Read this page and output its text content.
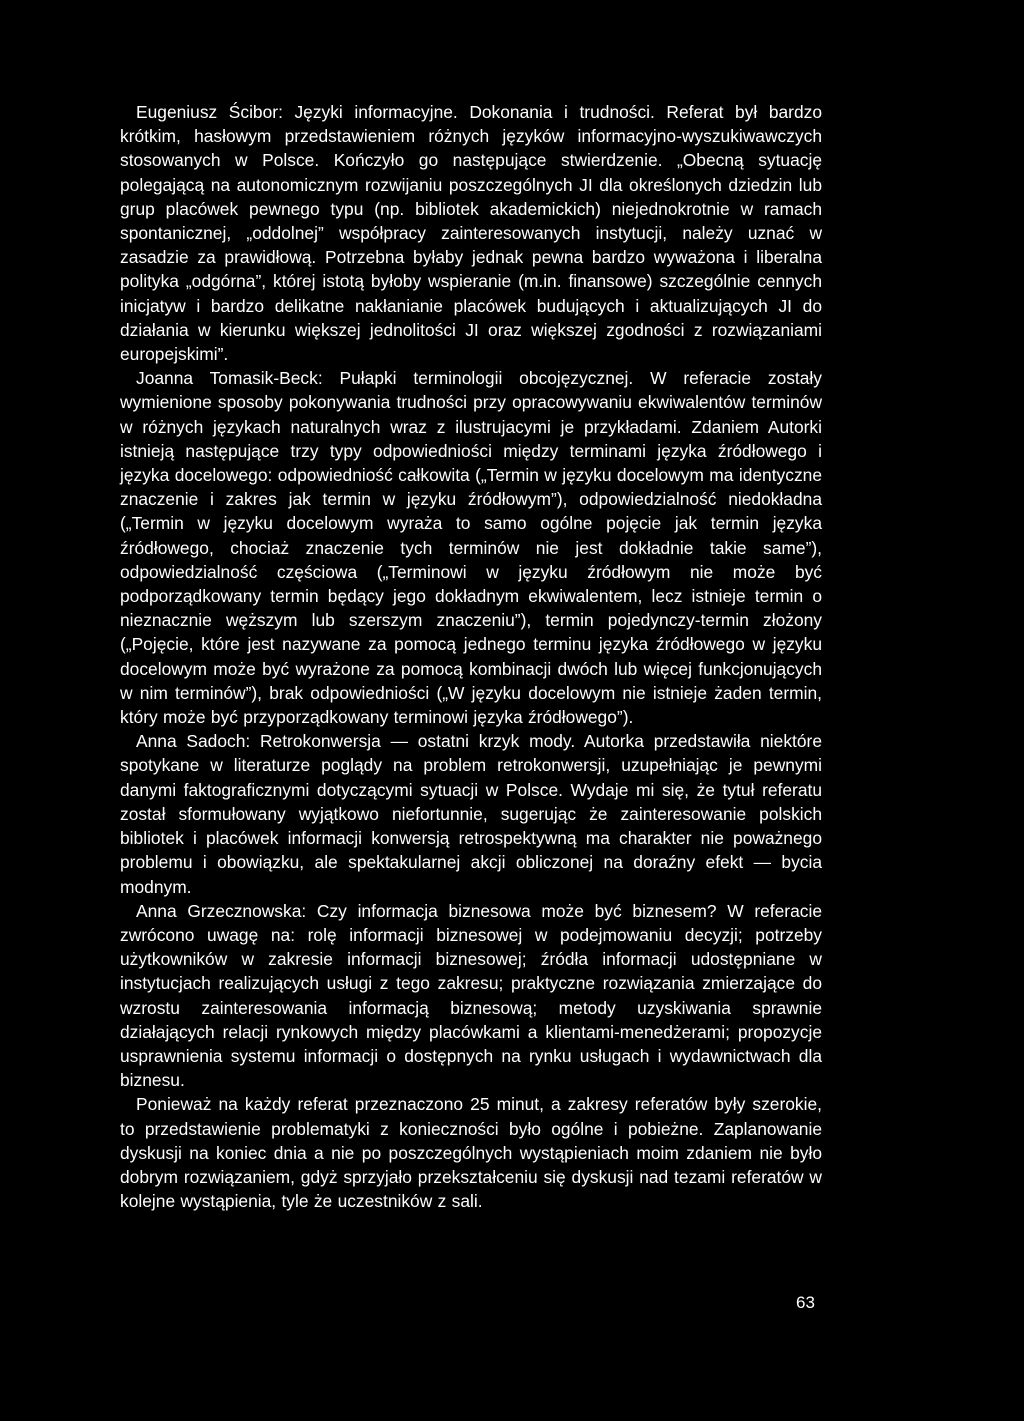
Eugeniusz Ścibor: Języki informacyjne. Dokonania i trudności. Referat był bardzo krótkim, hasłowym przedstawieniem różnych języków informacyjno-wyszukiwawczych stosowanych w Polsce. Kończyło go następujące stwierdzenie. „Obecną sytuację polegającą na autonomicznym rozwijaniu poszczególnych JI dla określonych dziedzin lub grup placówek pewnego typu (np. bibliotek akademickich) niejednokrotnie w ramach spontanicznej, „oddolnej” współpracy zainteresowanych instytucji, należy uznać w zasadzie za prawidłową. Potrzebna byłaby jednak pewna bardzo wyważona i liberalna polityka „odgórna”, której istotą byłoby wspieranie (m.in. finansowe) szczególnie cennych inicjatyw i bardzo delikatne nakłanianie placówek budujących i aktualizujących JI do działania w kierunku większej jednolitości JI oraz większej zgodności z rozwiązaniami europejskimi”.

Joanna Tomasik-Beck: Pułapki terminologii obcojęzycznej. W referacie zostały wymienione sposoby pokonywania trudności przy opracowywaniu ekwiwalentów terminów w różnych językach naturalnych wraz z ilustrujacymi je przykładami. Zdaniem Autorki istnieją następujące trzy typy odpowiedniości między terminami języka źródłowego i języka docelowego: odpowiedniość całkowita („Termin w języku docelowym ma identyczne znaczenie i zakres jak termin w języku źródłowym”), odpowiedzialność niedokładna („Termin w języku docelowym wyraża to samo ogólne pojęcie jak termin języka źródłowego, chociaż znaczenie tych terminów nie jest dokładnie takie same”), odpowiedzialność częściowa („Terminowi w języku źródłowym nie może być podporządkowany termin będący jego dokładnym ekwiwalentem, lecz istnieje termin o nieznacznie węższym lub szerszym znaczeniu”), termin pojedynczy-termin złożony („Pojęcie, które jest nazywane za pomocą jednego terminu języka źródłowego w języku docelowym może być wyrażone za pomocą kombinacji dwóch lub więcej funkcjonujących w nim terminów”), brak odpowiedniości („W języku docelowym nie istnieje żaden termin, który może być przyporządkowany terminowi języka źródłowego”).

Anna Sadoch: Retrokonwersja — ostatni krzyk mody. Autorka przedstawiła niektóre spotykane w literaturze poglądy na problem retrokonwersji, uzupełniając je pewnymi danymi faktograficznymi dotyczącymi sytuacji w Polsce. Wydaje mi się, że tytuł referatu został sformułowany wyjątkowo niefortunnie, sugerując że zainteresowanie polskich bibliotek i placówek informacji konwersją retrospektywną ma charakter nie poważnego problemu i obowiązku, ale spektakularnej akcji obliczonej na doraźny efekt — bycia modnym.

Anna Grzecznowska: Czy informacja biznesowa może być biznesem? W referacie zwrócono uwagę na: rolę informacji biznesowej w podejmowaniu decyzji; potrzeby użytkowników w zakresie informacji biznesowej; źródła informacji udostępniane w instytucjach realizujących usługi z tego zakresu; praktyczne rozwiązania zmierzające do wzrostu zainteresowania informacją biznesową; metody uzyskiwania sprawnie działających relacji rynkowych między placówkami a klientami-menedżerami; propozycje usprawnienia systemu informacji o dostępnych na rynku usługach i wydawnictwach dla biznesu.

Ponieważ na każdy referat przeznaczono 25 minut, a zakresy referatów były szerokie, to przedstawienie problematyki z konieczności było ogólne i pobieżne. Zaplanowanie dyskusji na koniec dnia a nie po poszczególnych wystąpieniach moim zdaniem nie było dobrym rozwiązaniem, gdyż sprzyjało przekształceniu się dyskusji nad tezami referatów w kolejne wystąpienia, tyle że uczestników z sali.

63
